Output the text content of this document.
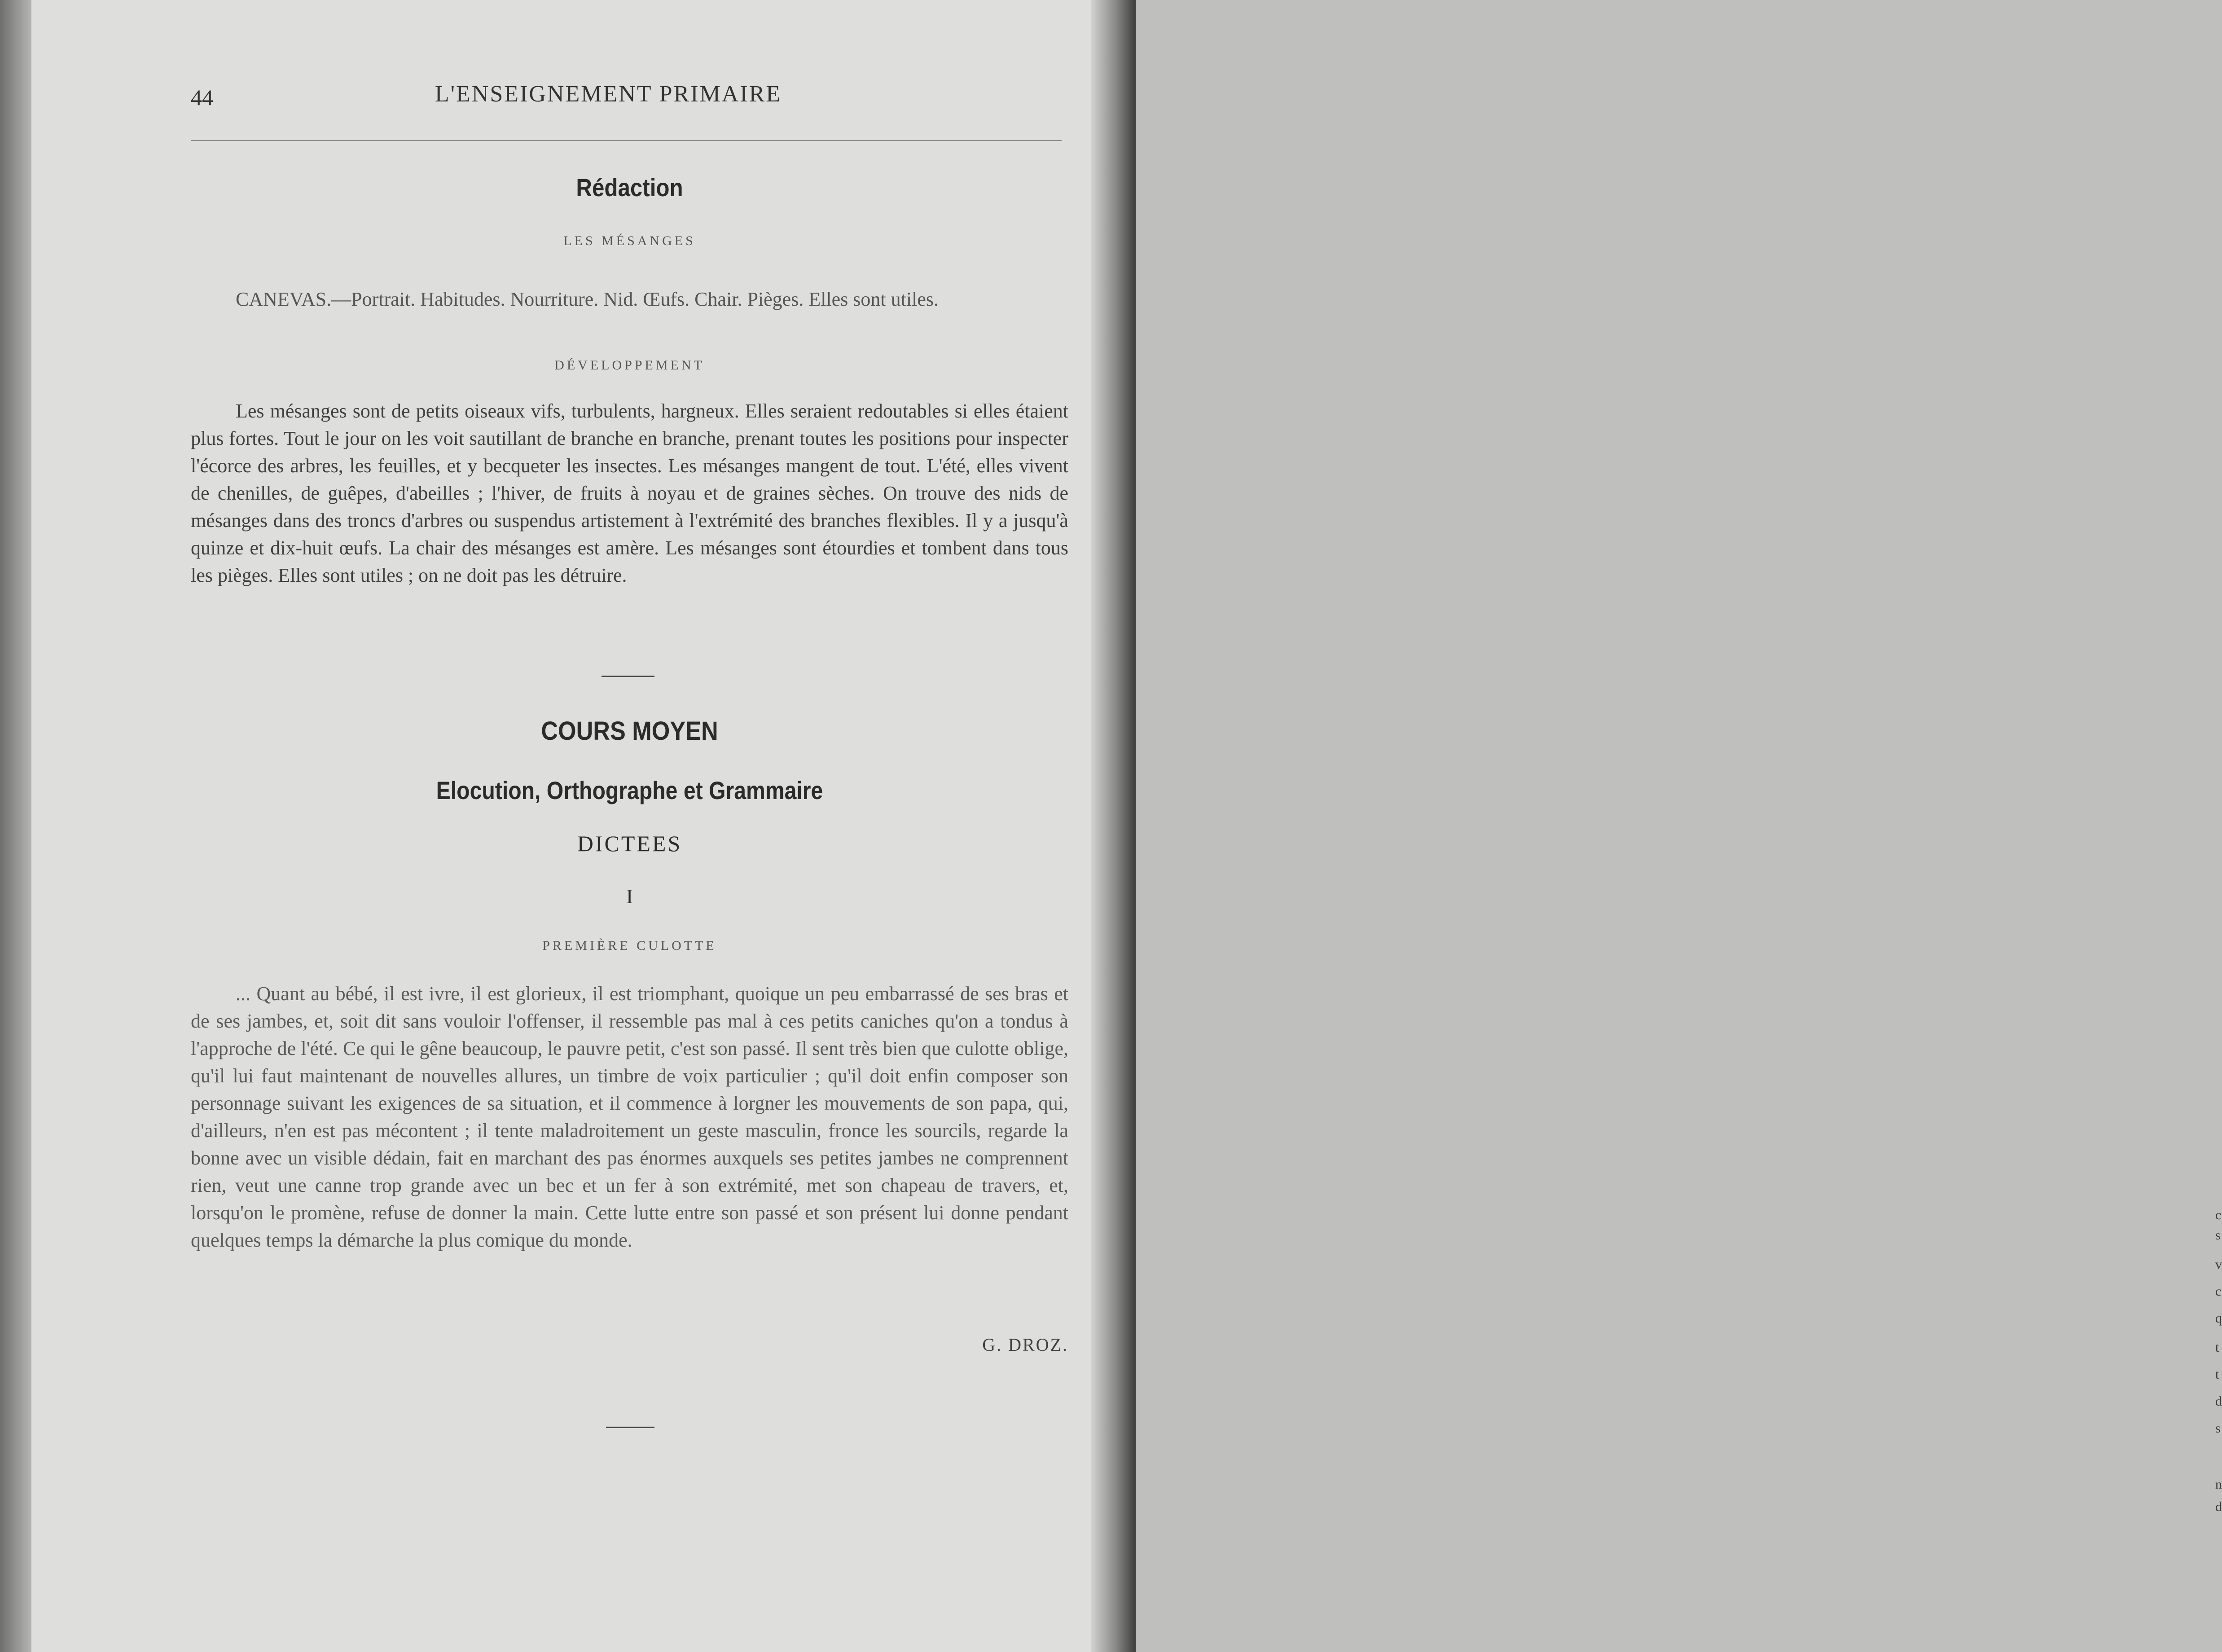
c
s
v
c
q
t
t
d
s
n
d
44	L'ENSEIGNEMENT PRIMAIRE
Rédaction
LES MÉSANGES
CANEVAS.—Portrait. Habitudes. Nourriture. Nid. Œufs. Chair. Pièges. Elles sont utiles.
DÉVELOPPEMENT
Les mésanges sont de petits oiseaux vifs, turbulents, hargneux. Elles seraient redoutables si elles étaient plus fortes. Tout le jour on les voit sautillant de branche en branche, prenant toutes les positions pour inspecter l'écorce des arbres, les feuilles, et y becqueter les insectes. Les mésanges mangent de tout. L'été, elles vivent de chenilles, de guêpes, d'abeilles ; l'hiver, de fruits à noyau et de graines sèches. On trouve des nids de mésanges dans des troncs d'arbres ou suspendus artistement à l'extrémité des branches flexibles. Il y a jusqu'à quinze et dix-huit œufs. La chair des mésanges est amère. Les mésanges sont étourdies et tombent dans tous les pièges. Elles sont utiles ; on ne doit pas les détruire.
COURS MOYEN
Elocution, Orthographe et Grammaire
DICTEES
I
PREMIÈRE CULOTTE
... Quant au bébé, il est ivre, il est glorieux, il est triomphant, quoique un peu embarrassé de ses bras et de ses jambes, et, soit dit sans vouloir l'offenser, il ressemble pas mal à ces petits caniches qu'on a tondus à l'approche de l'été. Ce qui le gêne beaucoup, le pauvre petit, c'est son passé. Il sent très bien que culotte oblige, qu'il lui faut maintenant de nouvelles allures, un timbre de voix particulier ; qu'il doit enfin composer son personnage suivant les exigences de sa situation, et il commence à lorgner les mouvements de son papa, qui, d'ailleurs, n'en est pas mécontent ; il tente maladroitement un geste masculin, fronce les sourcils, regarde la bonne avec un visible dédain, fait en marchant des pas énormes auxquels ses petites jambes ne comprennent rien, veut une canne trop grande avec un bec et un fer à son extrémité, met son chapeau de travers, et, lorsqu'on le promène, refuse de donner la main. Cette lutte entre son passé et son présent lui donne pendant quelques temps la démarche la plus comique du monde.
G. DROZ.
